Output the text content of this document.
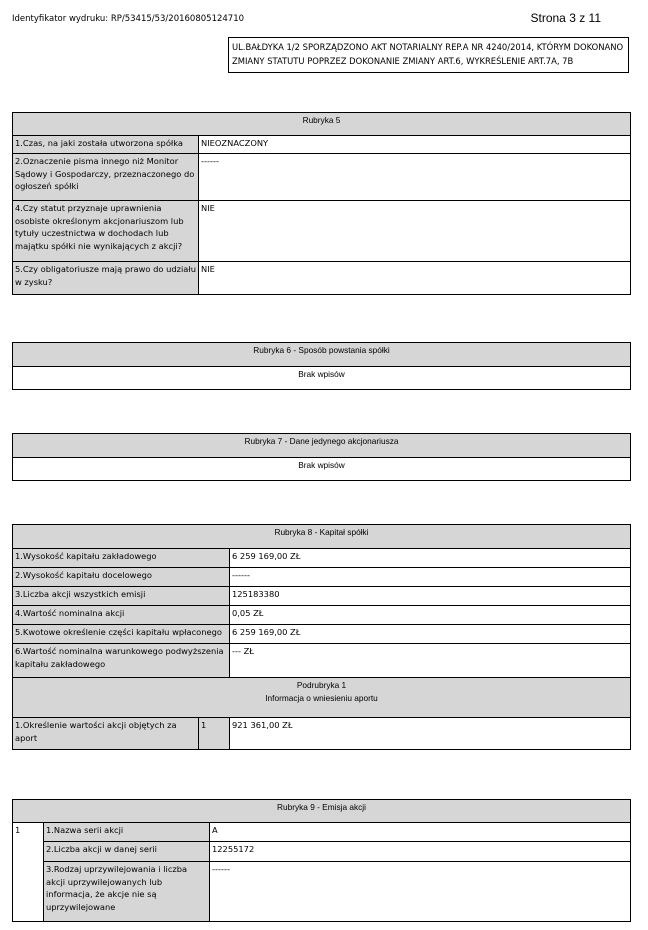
Identyfikator wydruku: RP/53415/53/20160805124710	Strona 3 z 11
UL.BAŁDYKA 1/2 SPORZĄDZONO AKT NOTARIALNY REP.A NR 4240/2014, KTÓRYM DOKONANO ZMIANY STATUTU POPRZEZ DOKONANIE ZMIANY ART.6, WYKREŚLENIE ART.7A, 7B
Rubryka 5	
1.Czas, na jaki została utworzona spółka	NIEOZNACZONY
2.Oznaczenie pisma innego niż Monitor Sądowy i Gospodarczy, przeznaczonego do ogłoszeń spółki	------
4.Czy statut przyznaje uprawnienia osobiste określonym akcjonariuszom lub tytuły uczestnictwa w dochodach lub majątku spółki nie wynikających z akcji?	NIE
5.Czy obligatoriusze mają prawo do udziału w zysku?	NIE
Rubryka 6 - Sposób powstania spółki
Brak wpisów
Rubryka 7 - Dane jedynego akcjonariusza
Brak wpisów
Rubryka 8 - Kapitał spółki		
1.Wysokość kapitału zakładowego		6 259 169,00 ZŁ
2.Wysokość kapitału docelowego		------
3.Liczba akcji wszystkich emisji		125183380
4.Wartość nominalna akcji		0,05 ZŁ
5.Kwotowe określenie części kapitału wpłaconego		6 259 169,00 ZŁ
6.Wartość nominalna warunkowego podwyższenia kapitału zakładowego		--- ZŁ

Podrubryka 1
Informacja o wniesieniu aportu		

1.Określenie wartości akcji objętych za aport	1	921 361,00 ZŁ
Rubryka 9 - Emisja akcji		
1	1.Nazwa serii akcji	A
	2.Liczba akcji w danej serii	12255172
	3.Rodzaj uprzywilejowania i liczba akcji uprzywilejowanych lub informacja, że akcje nie są uprzywilejowane	------
